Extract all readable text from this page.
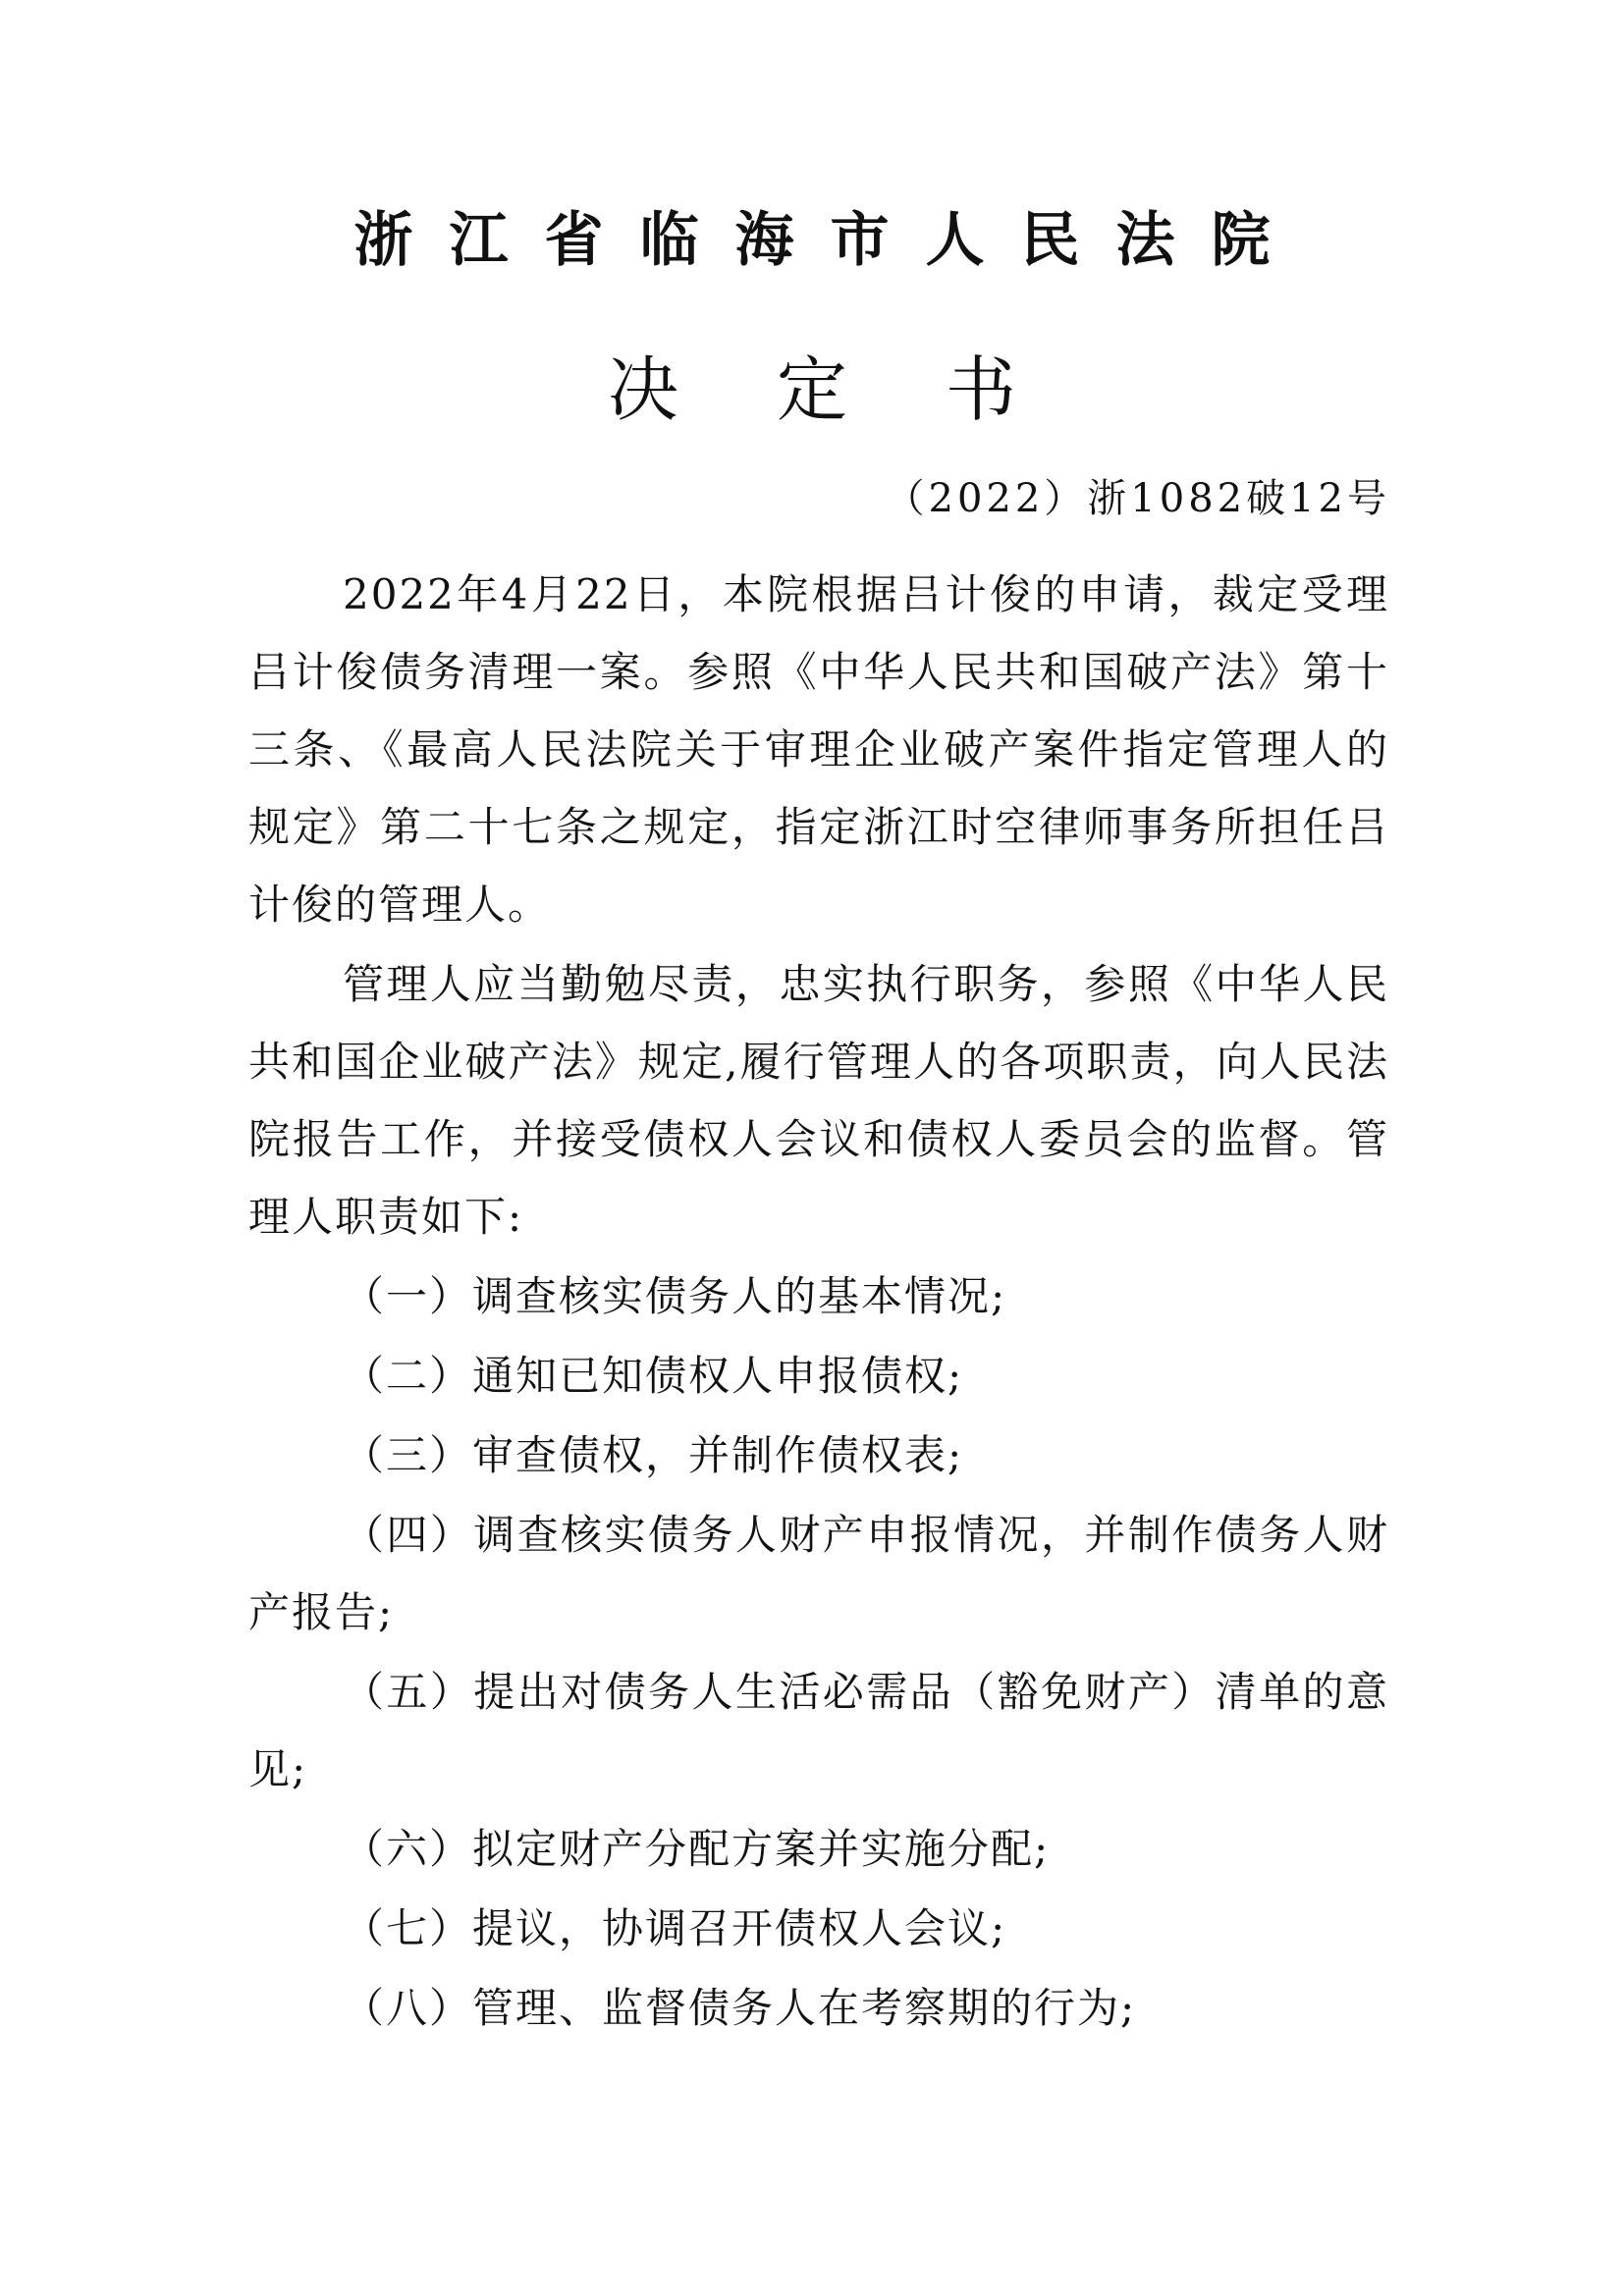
浙江省临海市人民法院
决定书
（2022）浙1082破12号

2022年4月22日，本院根据吕计俊的申请，裁定受理吕计俊债务清理一案。参照《中华人民共和国破产法》第十三条、《最高人民法院关于审理企业破产案件指定管理人的规定》第二十七条之规定，指定浙江时空律师事务所担任吕计俊的管理人。

管理人应当勤勉尽责，忠实执行职务，参照《中华人民共和国企业破产法》规定,履行管理人的各项职责，向人民法院报告工作，并接受债权人会议和债权人委员会的监督。管理人职责如下:

（一）调查核实债务人的基本情况;

（二）通知已知债权人申报债权;

（三）审查债权，并制作债权表;

（四）调查核实债务人财产申报情况，并制作债务人财产报告;

（五）提出对债务人生活必需品（豁免财产）清单的意见;

（六）拟定财产分配方案并实施分配;

（七）提议，协调召开债权人会议;

（八）管理、监督债务人在考察期的行为;
